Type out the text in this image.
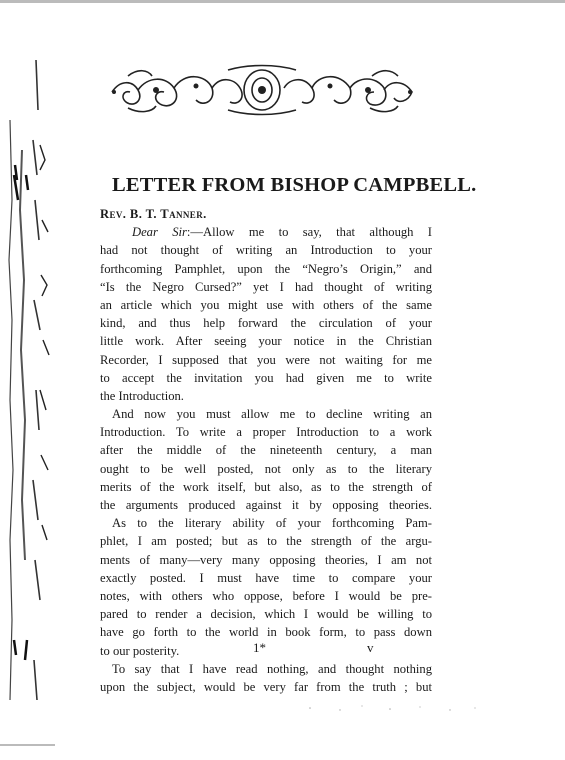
LETTER FROM BISHOP CAMPBELL.
Rev. B. T. Tanner.
Dear Sir:—Allow me to say, that although I
had not thought of writing an Introduction to your
forthcoming Pamphlet, upon the “Negro’s Origin,” and
“Is the Negro Cursed?” yet I had thought of writing
an article which you might use with others of the same
kind, and thus help forward the circulation of your
little work. After seeing your notice in the Christian
Recorder, I supposed that you were not waiting for me
to accept the invitation you had given me to write
the Introduction.
And now you must allow me to decline writing an
Introduction. To write a proper Introduction to a work
after the middle of the nineteenth century, a man
ought to be well posted, not only as to the literary
merits of the work itself, but also, as to the strength of
the arguments produced against it by opposing theories.
As to the literary ability of your forthcoming Pam-
phlet, I am posted; but as to the strength of the argu-
ments of many—very many opposing theories, I am not
exactly posted. I must have time to compare your
notes, with others who oppose, before I would be pre-
pared to render a decision, which I would be willing to
have go forth to the world in book form, to pass down
to our posterity.
To say that I have read nothing, and thought nothing
upon the subject, would be very far from the truth ; but
1*	v
